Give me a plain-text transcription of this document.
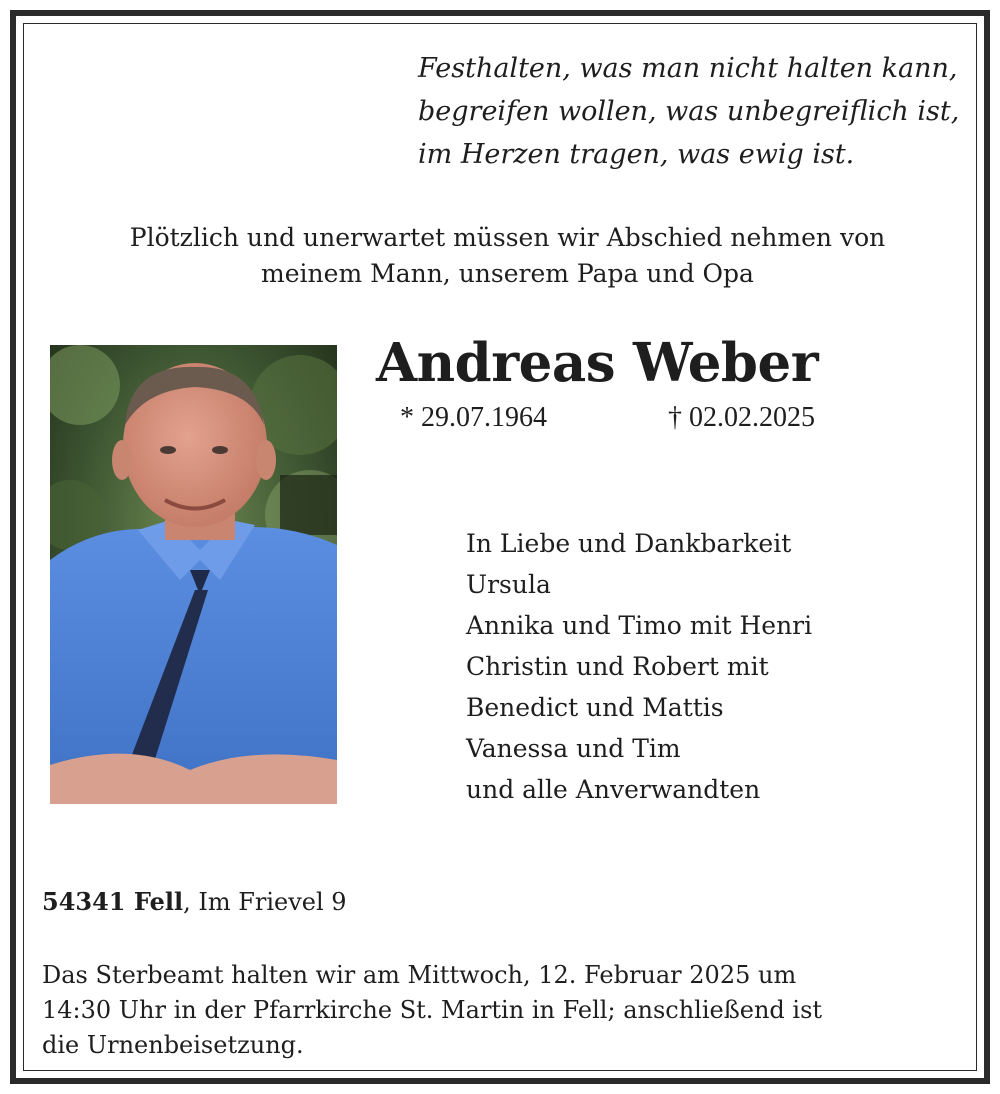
Festhalten, was man nicht halten kann,
begreifen wollen, was unbegreiflich ist,
im Herzen tragen, was ewig ist.
Plötzlich und unerwartet müssen wir Abschied nehmen von
meinem Mann, unserem Papa und Opa
Andreas Weber
* 29.07.1964	† 02.02.2025
In Liebe und Dankbarkeit
Ursula
Annika und Timo mit Henri
Christin und Robert mit
Benedict und Mattis
Vanessa und Tim
und alle Anverwandten
54341 Fell, Im Frievel 9
Das Sterbeamt halten wir am Mittwoch, 12. Februar 2025 um
14:30 Uhr in der Pfarrkirche St. Martin in Fell; anschließend ist
die Urnenbeisetzung.
